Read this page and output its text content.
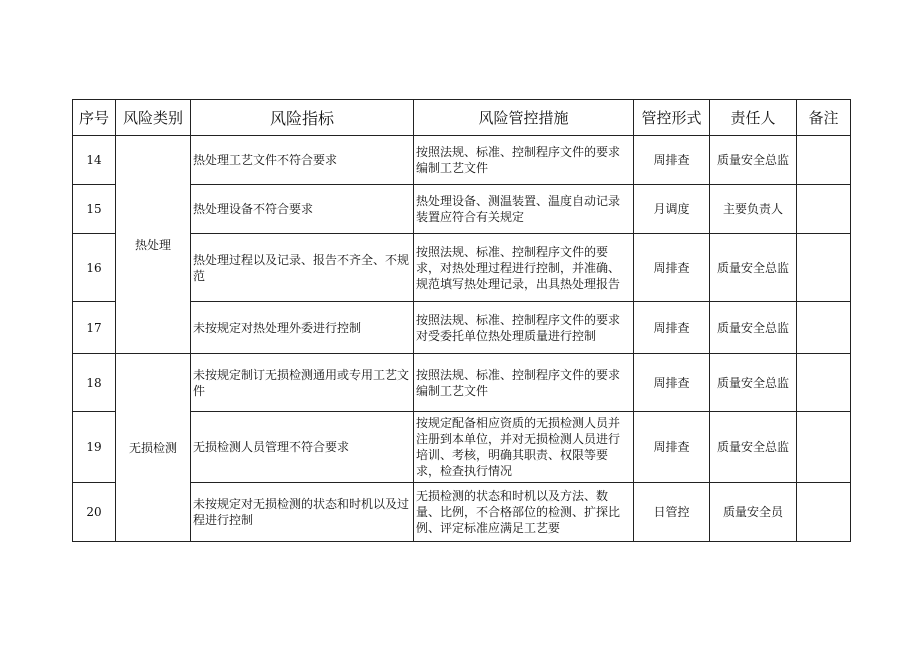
序号	风险类别	风险指标	风险管控措施	管控形式	责任人	备注
14	热处理	热处理工艺文件不符合要求	按照法规、标准、控制程序文件的要求编制工艺文件	周排查	质量安全总监	
15		热处理设备不符合要求	热处理设备、测温装置、温度自动记录装置应符合有关规定	月调度	主要负责人	
16		热处理过程以及记录、报告不齐全、不规范	按照法规、标准、控制程序文件的要求，对热处理过程进行控制，并准确、规范填写热处理记录，出具热处理报告	周排查	质量安全总监	
17		未按规定对热处理外委进行控制	按照法规、标准、控制程序文件的要求对受委托单位热处理质量进行控制	周排查	质量安全总监	
18	无损检测	未按规定制订无损检测通用或专用工艺文件	按照法规、标准、控制程序文件的要求编制工艺文件	周排查	质量安全总监	
19		无损检测人员管理不符合要求	按规定配备相应资质的无损检测人员并注册到本单位，并对无损检测人员进行培训、考核，明确其职责、权限等要求，检查执行情况	周排查	质量安全总监	
20		未按规定对无损检测的状态和时机以及过程进行控制	无损检测的状态和时机以及方法、数量、比例，不合格部位的检测、扩探比例、评定标准应满足工艺要	日管控	质量安全员	
